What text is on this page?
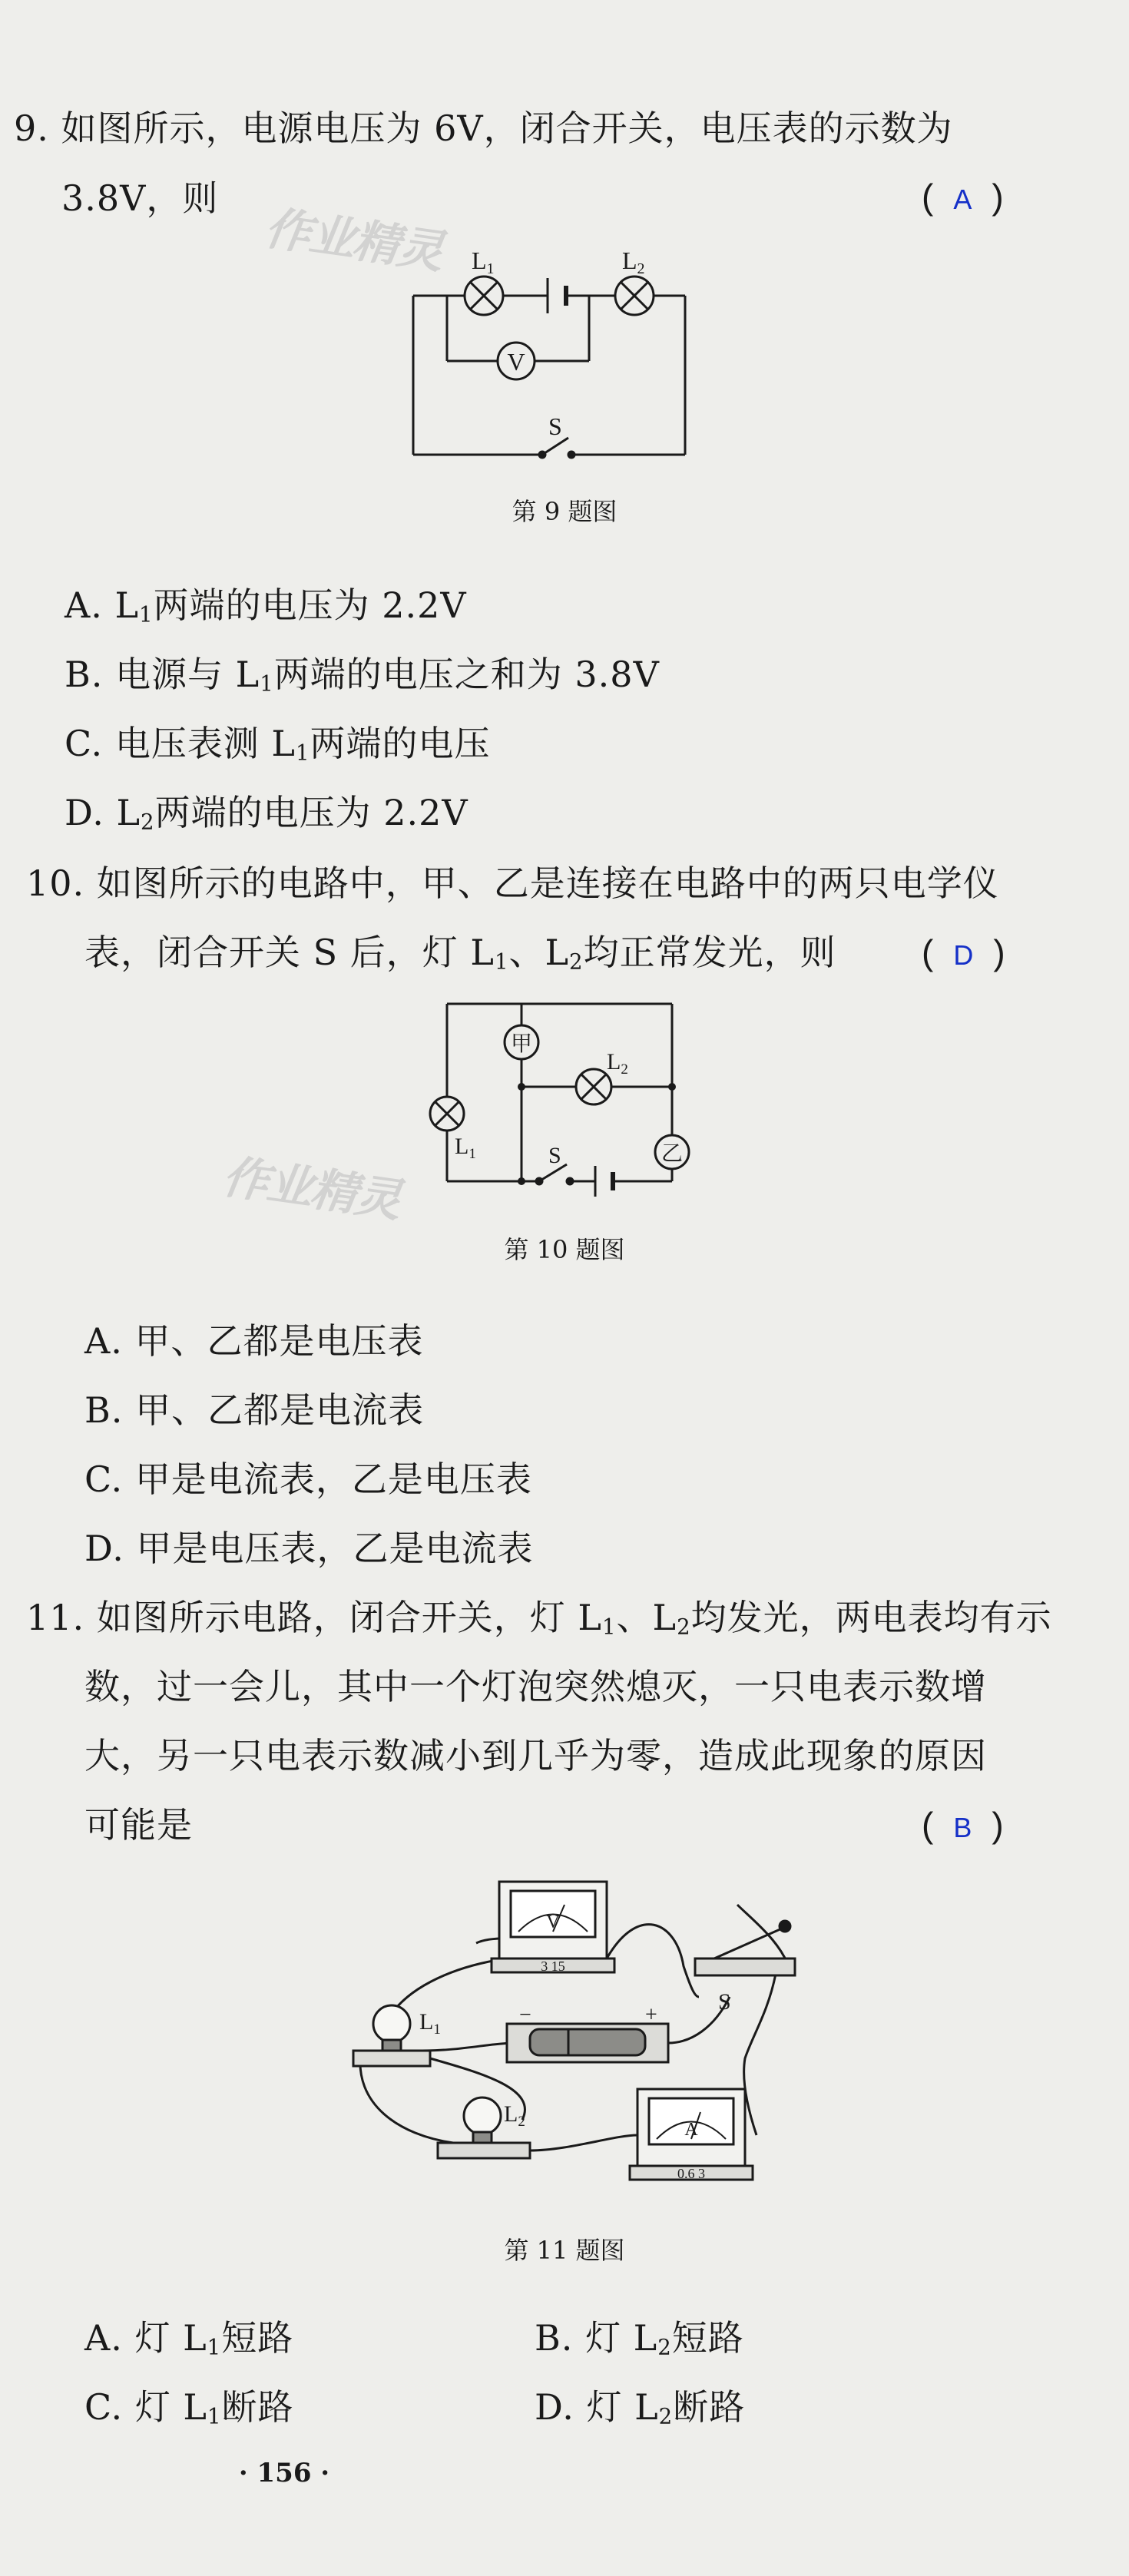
作业精灵
作业精灵
9. 如图所示，电源电压为 6V，闭合开关，电压表的示数为
3.8V，则	( A )
V
S
L1	L2
第 9 题图
A. $L_1$两端的电压为 2.2V
B. 电源与 $L_1$两端的电压之和为 3.8V
C. 电压表测 $L_1$两端的电压
D. $L_2$两端的电压为 2.2V
10. 如图所示的电路中，甲、乙是连接在电路中的两只电学仪
表，闭合开关 S 后，灯 $L_1$、$L_2$均正常发光，则 ( D )
甲
乙
S
$L_2$
$L_1$
第 10 题图
A. 甲、乙都是电压表
B. 甲、乙都是电流表
C. 甲是电流表，乙是电压表
D. 甲是电压表，乙是电流表
11. 如图所示电路，闭合开关，灯 $L_1$、$L_2$均发光，两电表均有示
数，过一会儿，其中一个灯泡突然熄灭，一只电表示数增
大，另一只电表示数减小到几乎为零，造成此现象的原因
可能是	( B )
V
3 15
S
−	+
$L_1$
$L_2$	A
0.6 3
第 11 题图
A. 灯 $L_1$短路	B. 灯 $L_2$短路
C. 灯 $L_1$断路	D. 灯 $L_2$断路
· 156 ·
